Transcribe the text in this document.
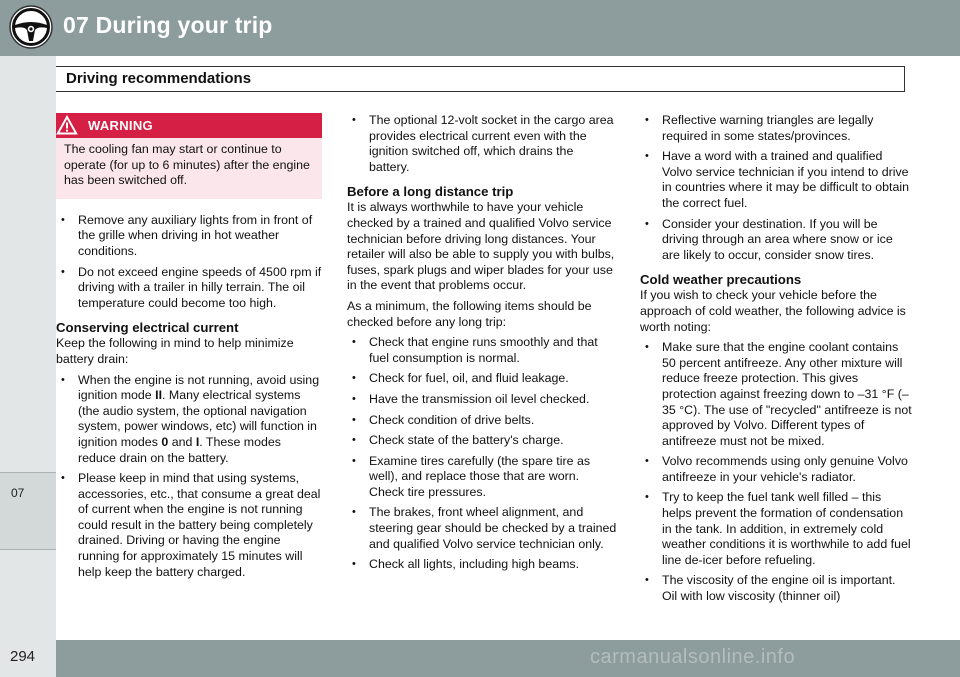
07 During your trip
07
Driving recommendations
WARNING
The cooling fan may start or continue to operate (for up to 6 minutes) after the engine has been switched off.
• Remove any auxiliary lights from in front of the grille when driving in hot weather conditions.
• Do not exceed engine speeds of 4500 rpm if driving with a trailer in hilly terrain. The oil temperature could become too high.
Conserving electrical current

Keep the following in mind to help minimize battery drain:

• When the engine is not running, avoid using ignition mode II. Many electrical systems (the audio system, the optional navigation system, power windows, etc) will function in ignition modes 0 and I. These modes reduce drain on the battery.
• Please keep in mind that using systems, accessories, etc., that consume a great deal of current when the engine is not running could result in the battery being completely drained. Driving or having the engine running for approximately 15 minutes will help keep the battery charged.
• The optional 12-volt socket in the cargo area provides electrical current even with the ignition switched off, which drains the battery.
Before a long distance trip

It is always worthwhile to have your vehicle checked by a trained and qualified Volvo service technician before driving long distances. Your retailer will also be able to supply you with bulbs, fuses, spark plugs and wiper blades for your use in the event that problems occur.

As a minimum, the following items should be checked before any long trip:

• Check that engine runs smoothly and that fuel consumption is normal.
• Check for fuel, oil, and fluid leakage.
• Have the transmission oil level checked.
• Check condition of drive belts.
• Check state of the battery's charge.
• Examine tires carefully (the spare tire as well), and replace those that are worn. Check tire pressures.
• The brakes, front wheel alignment, and steering gear should be checked by a trained and qualified Volvo service technician only.
• Check all lights, including high beams.
• Reflective warning triangles are legally required in some states/provinces.
• Have a word with a trained and qualified Volvo service technician if you intend to drive in countries where it may be difficult to obtain the correct fuel.
• Consider your destination. If you will be driving through an area where snow or ice are likely to occur, consider snow tires.
Cold weather precautions

If you wish to check your vehicle before the approach of cold weather, the following advice is worth noting:

• Make sure that the engine coolant contains 50 percent antifreeze. Any other mixture will reduce freeze protection. This gives protection against freezing down to –31 °F (–35 °C). The use of "recycled" antifreeze is not approved by Volvo. Different types of antifreeze must not be mixed.
• Volvo recommends using only genuine Volvo antifreeze in your vehicle's radiator.
• Try to keep the fuel tank well filled – this helps prevent the formation of condensation in the tank. In addition, in extremely cold weather conditions it is worthwhile to add fuel line de-icer before refueling.
• The viscosity of the engine oil is important. Oil with low viscosity (thinner oil)
294	carmanualsonline.info
